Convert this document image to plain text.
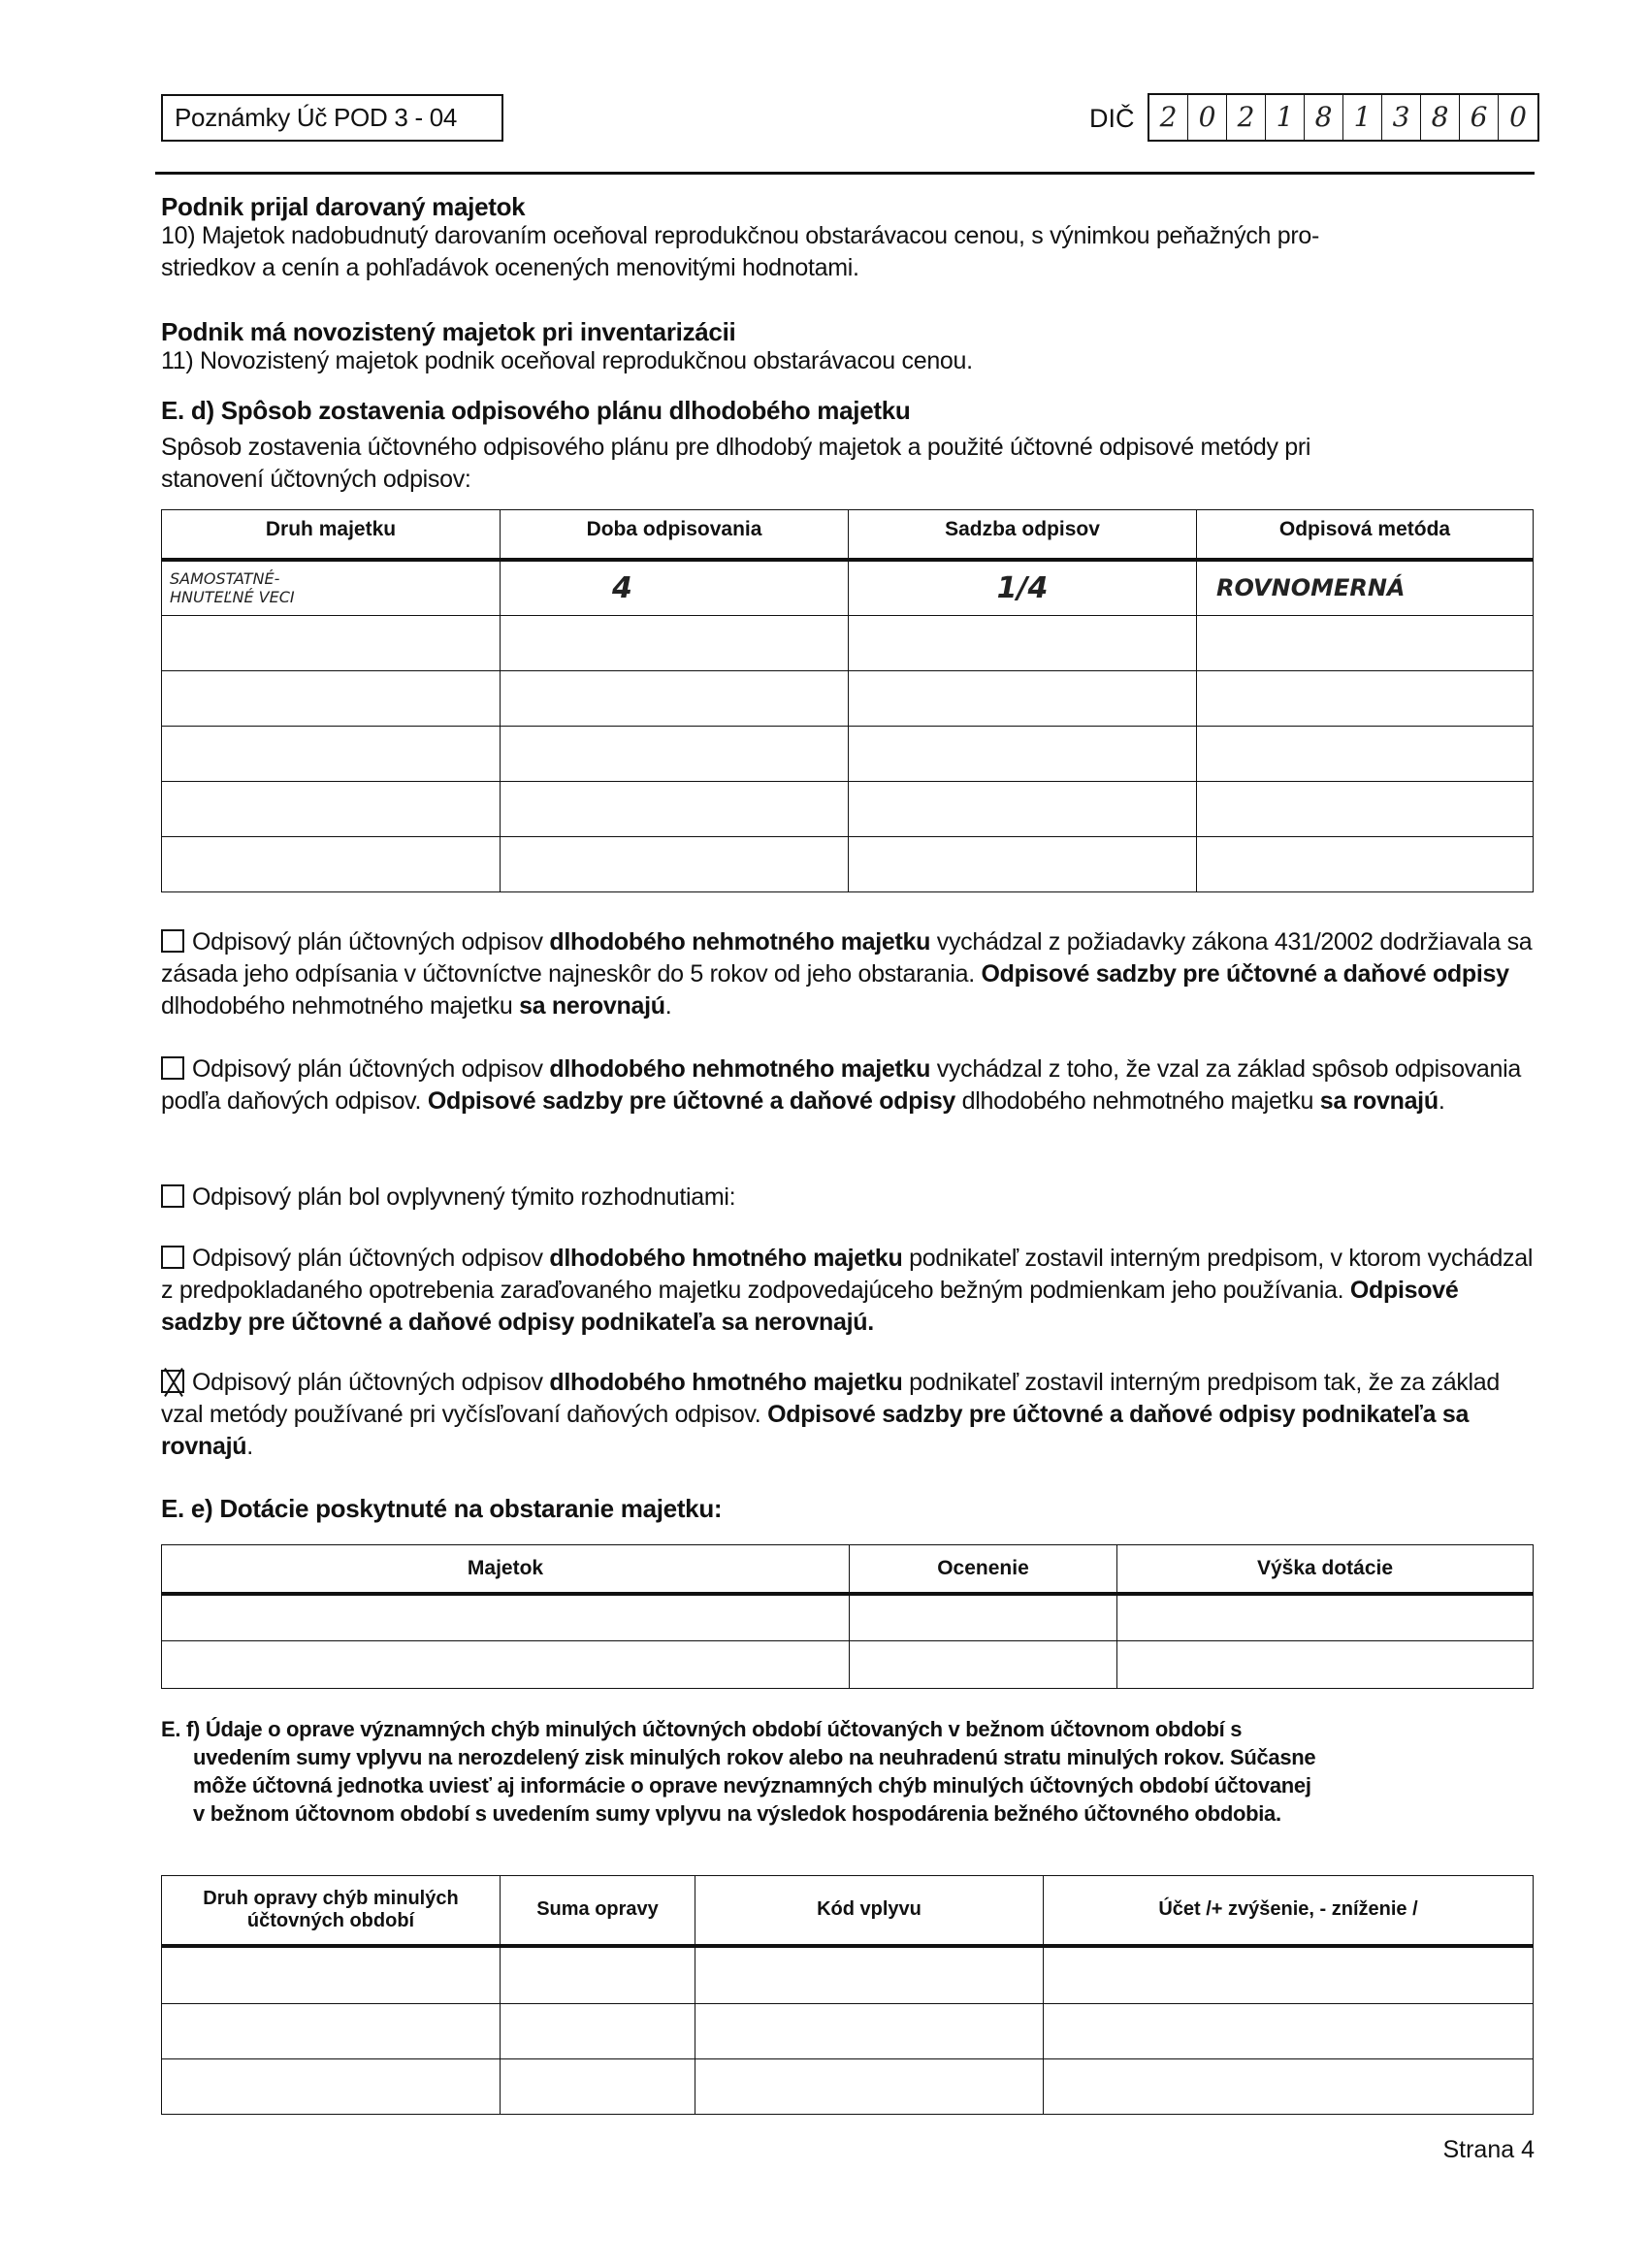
Poznámky Úč POD 3 - 04	DIČ 2 0 2 1 8 1 3 8 6 0
Podnik prijal darovaný majetok
10) Majetok nadobudnutý darovaním oceňoval reprodukčnou obstarávacou cenou, s výnimkou peňažných pro-
striedkov a cenín a pohľadávok ocenených menovitými hodnotami.
Podnik má novozistený majetok pri inventarizácii
11) Novozistený majetok podnik oceňoval reprodukčnou obstarávacou cenou.
E. d) Spôsob zostavenia odpisového plánu dlhodobého majetku
Spôsob zostavenia účtovného odpisového plánu pre dlhodobý majetok a použité účtovné odpisové metódy pri
stanovení účtovných odpisov:
Druh majetku	Doba odpisovania	Sadzba odpisov	Odpisová metóda

SAMOSTATNÉ-
HNUTEĽNÉ VECI	4	1/4	ROVNOMERNÁ

Odpisový plán účtovných odpisov dlhodobého nehmotného majetku vychádzal z požiadavky zákona 431/2002 dodržiavala sa zásada jeho odpísania v účtovníctve najneskôr do 5 rokov od jeho obstarania. Odpisové sadzby pre účtovné a daňové odpisy dlhodobého nehmotného majetku sa nerovnajú.
Odpisový plán účtovných odpisov dlhodobého nehmotného majetku vychádzal z toho, že vzal za základ spôsob odpisovania podľa daňových odpisov. Odpisové sadzby pre účtovné a daňové odpisy dlhodobého nehmotného majetku sa rovnajú.
Odpisový plán bol ovplyvnený týmito rozhodnutiami:
Odpisový plán účtovných odpisov dlhodobého hmotného majetku podnikateľ zostavil interným predpisom, v ktorom vychádzal z predpokladaného opotrebenia zaraďovaného majetku zodpovedajúceho bežným podmienkam jeho používania. Odpisové sadzby pre účtovné a daňové odpisy podnikateľa sa nerovnajú.
Odpisový plán účtovných odpisov dlhodobého hmotného majetku podnikateľ zostavil interným predpisom tak, že za základ vzal metódy používané pri vyčísľovaní daňových odpisov. Odpisové sadzby pre účtovné a daňové odpisy podnikateľa sa rovnajú.
E. e) Dotácie poskytnuté na obstaranie majetku:
Majetok	Ocenenie	Výška dotácie

E. f) Údaje o oprave významných chýb minulých účtovných období účtovaných v bežnom účtovnom období s
uvedením sumy vplyvu na nerozdelený zisk minulých rokov alebo na neuhradenú stratu minulých rokov. Súčasne
môže účtovná jednotka uviesť aj informácie o oprave nevýznamných chýb minulých účtovných období účtovanej
v bežnom účtovnom období s uvedením sumy vplyvu na výsledok hospodárenia bežného účtovného obdobia.
Druh opravy chýb minulých účtovných období	Suma opravy	Kód vplyvu	Účet /+ zvýšenie, - zníženie /

Strana 4
